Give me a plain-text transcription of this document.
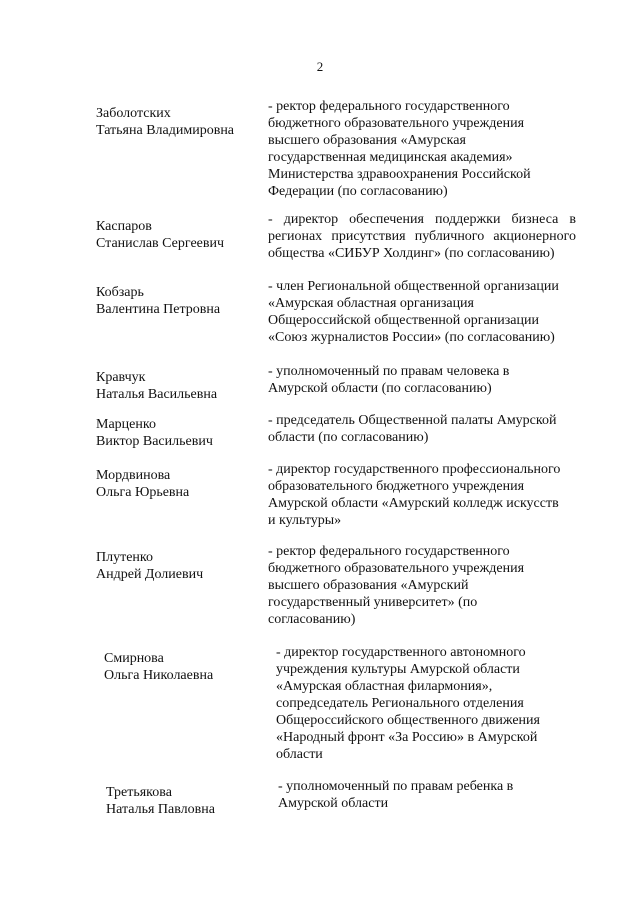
2
Заболотских
Татьяна Владимировна
- ректор федерального государственного
бюджетного образовательного учреждения
высшего образования «Амурская
государственная медицинская академия»
Министерства здравоохранения Российской
Федерации (по согласованию)
Каспаров
Станислав Сергеевич
- директор обеспечения поддержки бизнеса в
регионах присутствия публичного акционерного
общества «СИБУР Холдинг» (по согласованию)
Кобзарь
Валентина Петровна
- член Региональной общественной организации
«Амурская областная организация
Общероссийской общественной организации
«Союз журналистов России» (по согласованию)
Кравчук
Наталья Васильевна
- уполномоченный по правам человека в
Амурской области (по согласованию)
Марценко
Виктор Васильевич
- председатель Общественной палаты Амурской
области (по согласованию)
Мордвинова
Ольга Юрьевна
- директор государственного профессионального
образовательного бюджетного учреждения
Амурской области «Амурский колледж искусств
и культуры»
Плутенко
Андрей Долиевич
- ректор федерального государственного
бюджетного образовательного учреждения
высшего образования «Амурский
государственный университет» (по
согласованию)
Смирнова
Ольга Николаевна
- директор государственного автономного
учреждения культуры Амурской области
«Амурская областная филармония»,
сопредседатель Регионального отделения
Общероссийского общественного движения
«Народный фронт «За Россию» в Амурской
области
Третьякова
Наталья Павловна
- уполномоченный по правам ребенка в
Амурской области
